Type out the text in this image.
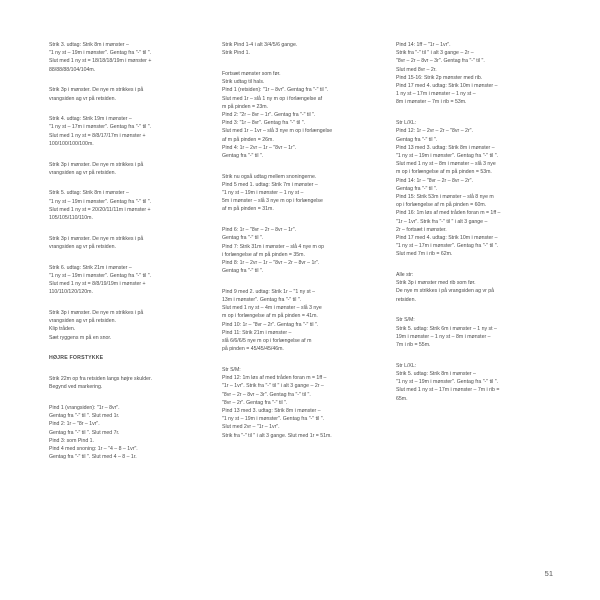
Strik 3. udtag: Strik 8m i mønster –
"1 ny st – 19m i mønster". Gentag fra "-" til ".
Slut med 1 ny st = 18/18/18/19m i mønster +
88/88/88/104/104m.
Strik 3p i mønster. De nye m strikkes i på
vrangsiden ag vr på retsiden.
Strik 4. udtag: Strik 19m i mønster –
"1 ny st – 17m i mønster". Gentag fra "-" til ".
Slut med 1 ny st = 8/8/17/17m i mønster +
100/100/100/100m.
Strik 3p i mønster. De nye m strikkes i på
vrangsiden ag vr på retsiden.
Strik 5. udtag: Strik 8m i mønster –
"1 ny st – 19m i mønster". Gentag fra "-" til ".
Slut med 1 ny st = 20/20/11/11m i mønster +
105/105/110/110m.
Strik 3p i mønster. De nye m strikkes i på
vrangsiden ag vr på retsiden.
Strik 6. udtag: Strik 21m i mønster –
"1 ny st – 19m i mønster". Gentag fra "-" til ".
Slut med 1 ny st = 8/8/19/19m i mønster +
110/110/120/120m.
Strik 3p i mønster. De nye m strikkes i på
vrangsiden ag vr på retsiden.
Klip tråden.
Sæt ryggens m på en snor.
HØJRE FORSTYKKE
Strik 22m op fra retsiden langs højre skulder.
Begynd ved markering.
Pind 1 (vrangsiden): "1r – 8vr".
Gentag fra "-" til ". Slut med 1r.
Pind 2: 1r – "8r – 1vr".
Gentag fra "-" til ". Slut med 7r.
Pind 3: som Pind 1.
Pind 4 med snoning: 1r – "4 – 8 – 1vr".
Gentag fra "-" til ". Slut med 4 – 8 – 1r.
Strik Pind 1-4 i alt 3/4/5/6 gange.
Strik Pind 1.
Fortsæt mønster som før.
Strik udtag til hals.
Pind 1 (retsiden): "1r – 8vr". Gentag fra "-" til ".
Slut med 1r – slå 1 ny m op i forlængelse af
m på pinden = 23m.
Pind 2: "2r – 8vr – 1r". Gentag fra "-" til ".
Pind 3: "1r – 8vr". Gentag fra "-" til ".
Slut med 1r – 1vr – slå 3 nye m op i forlængelse
af m på pinden = 26m.
Pind 4: 1r – 2vr – 1r – "8vr – 1r".
Gentag fra "-" til ".
Strik nu også udtag mellem snoningerne.
Pind 5 med 1. udtag: Strik 7m i mønster –
"1 ny st – 19m i mønster – 1 ny st –
5m i mønster – slå 3 nye m op i forlængelse
af m på pinden = 31m.
Pind 6: 1r – "8vr – 2r – 8vr – 1r".
Gentag fra "-" til ".
Pind 7: Strik 31m i mønster – slå 4 nye m op
i forlængelse af m på pinden = 35m.
Pind 8: 1r – 2vr – 1r – "8vr – 2r – 8vr – 1r".
Gentag fra "-" til ".
Pind 9 med 2. udtag: Strik 1r – "1 ny st –
13m i mønster". Gentag fra "-" til ".
Slut med 1 ny st – 4m i mønster – slå 3 nye
m op i forlængelse af m på pinden = 41m.
Pind 10: 1r – "8vr – 2r". Gentag fra "-" til ".
Pind 11: Strik 21m i mønster –
slå 6/6/6/5 nye m op i forlængelse af m
på pinden = 45/45/45/46m.
Str S/M:
Pind 12: 1m løs af med tråden foran m = 1ff –
"1r – 1vr". Strik fra "-" til " i alt 3 gange – 2r –
"8vr – 2r – 8vr – 3r". Gentag fra "-" til ".
"8vr – 2r". Gentag fra "-" til ".
Pind 13 med 3. udtag: Strik 8m i mønster –
"1 ny st – 19m i mønster". Gentag fra "-" til ".
Slut med 2vr – "1r – 1vr".
Strik fra "-" til " i alt 3 gange. Slut med 1r = 51m.
Pind 14: 1ff – "1r – 1vr".
Strik fra "-" til " i alt 3 gange – 2r –
"8vr – 2r – 8vr – 3r". Gentag fra "-" til ".
Slut med 8vr – 2r.
Pind 15-16: Strik 2p mønster med rib.
Pind 17 med 4. udtag: Strik 10m i mønster –
1 ny st – 17m i mønster – 1 ny st –
8m i mønster – 7m i rib = 53m.
Str L/XL:
Pind 12: 1r – 2vr – 2r – "8vr – 2r".
Gentag fra "-" til ".
Pind 13 med 3. udtag: Strik 8m i mønster –
"1 ny st – 19m i mønster". Gentag fra "-" til ".
Slut med 1 ny st – 8m i mønster – slå 3 nye
m op i forlængelse af m på pinden = 53m.
Pind 14: 1r – "8vr – 2r – 8vr – 2r".
Gentag fra "-" til ".
Pind 15: Strik 53m i mønster – slå 8 nye m
op i forlængelse af m på pinden = 60m.
Pind 16: 1m løs af med tråden foran m = 1ff –
"1r – 1vr". Strik fra "-" til " i alt 3 gange –
2r – fortsæt i mønster.
Pind 17 med 4. udtag: Strik 10m i mønster –
"1 ny st – 17m i mønster". Gentag fra "-" til ".
Slut med 7m i rib = 62m.
Alle str:
Strik 3p i mønster med rib som før.
De nye m strikkes i på vrangsiden ag vr på
retsiden.
Str S/M:
Strik 5. udtag: Strik 6m i mønster – 1 ny st –
19m i mønster – 1 ny st – 8m i mønster –
7m i rib = 55m.
Str L/XL:
Strik 5. udtag: Strik 8m i mønster –
"1 ny st – 19m i mønster". Gentag fra "-" til ".
Slut med 1 ny st – 17m i mønster – 7m i rib =
65m.
51
